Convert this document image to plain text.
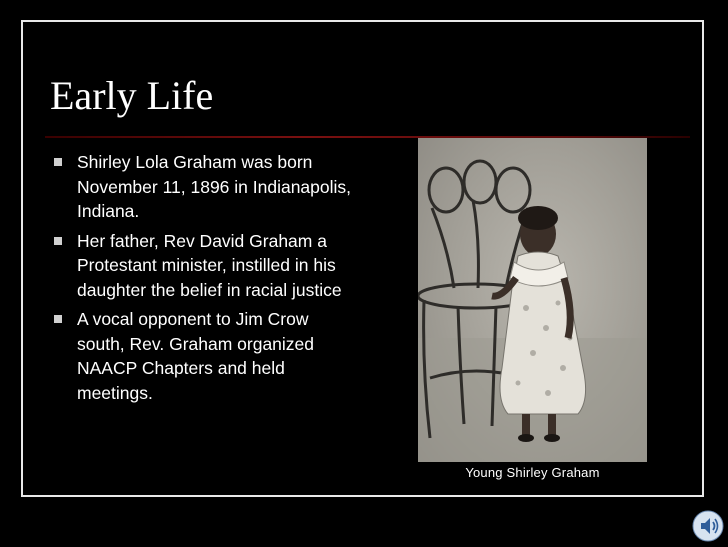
Early Life
Shirley Lola Graham was born November 11, 1896 in Indianapolis, Indiana.
Her father, Rev David Graham a Protestant minister, instilled in his daughter the belief in racial justice
A vocal opponent to Jim Crow south, Rev. Graham organized NAACP Chapters and held meetings.
Young Shirley Graham
